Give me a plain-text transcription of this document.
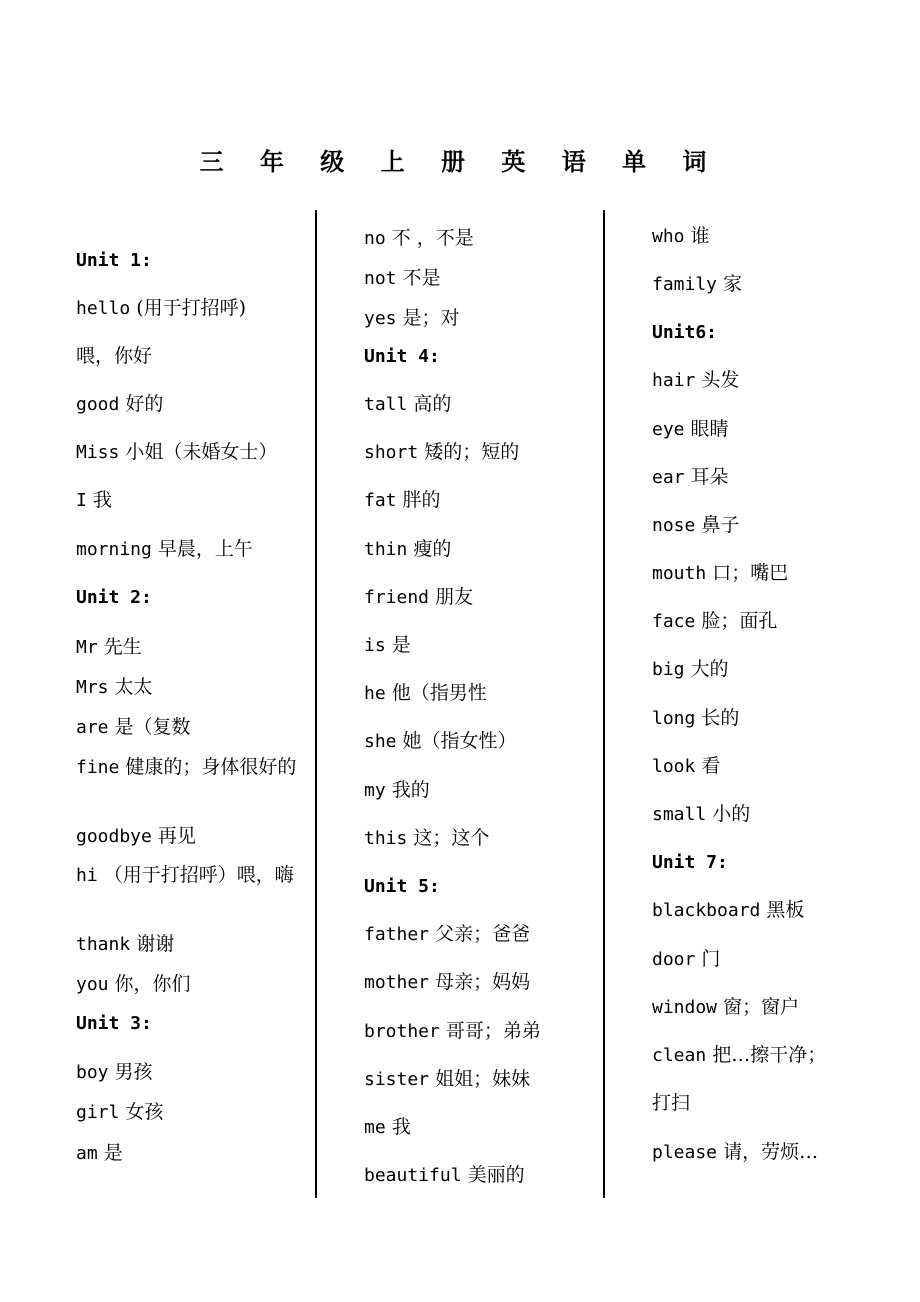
三 年 级 上 册 英 语 单 词
Unit 1:
hello (用于打招呼)
喂，你好
good 好的
Miss 小姐（未婚女士）
I 我
morning 早晨，上午
Unit 2:
Mr 先生
Mrs 太太
are 是（复数
fine 健康的；身体很好的
goodbye 再见
hi （用于打招呼）喂，嗨
thank 谢谢
you 你，你们
Unit 3:
boy 男孩
girl 女孩
am 是
no 不 ，不是
not 不是
yes 是；对
Unit 4:
tall 高的
short 矮的；短的
fat 胖的
thin 瘦的
friend 朋友
is 是
he 他（指男性
she 她（指女性）
my 我的
this 这；这个
Unit 5:
father 父亲；爸爸
mother 母亲；妈妈
brother 哥哥；弟弟
sister 姐姐；妹妹
me 我
beautiful 美丽的
who 谁
family 家
Unit6:
hair 头发
eye 眼睛
ear 耳朵
nose 鼻子
mouth 口；嘴巴
face 脸；面孔
big 大的
long 长的
look 看
small 小的
Unit 7:
blackboard 黑板
door 门
window 窗；窗户
clean 把…擦干净；
打扫
please 请，劳烦…
